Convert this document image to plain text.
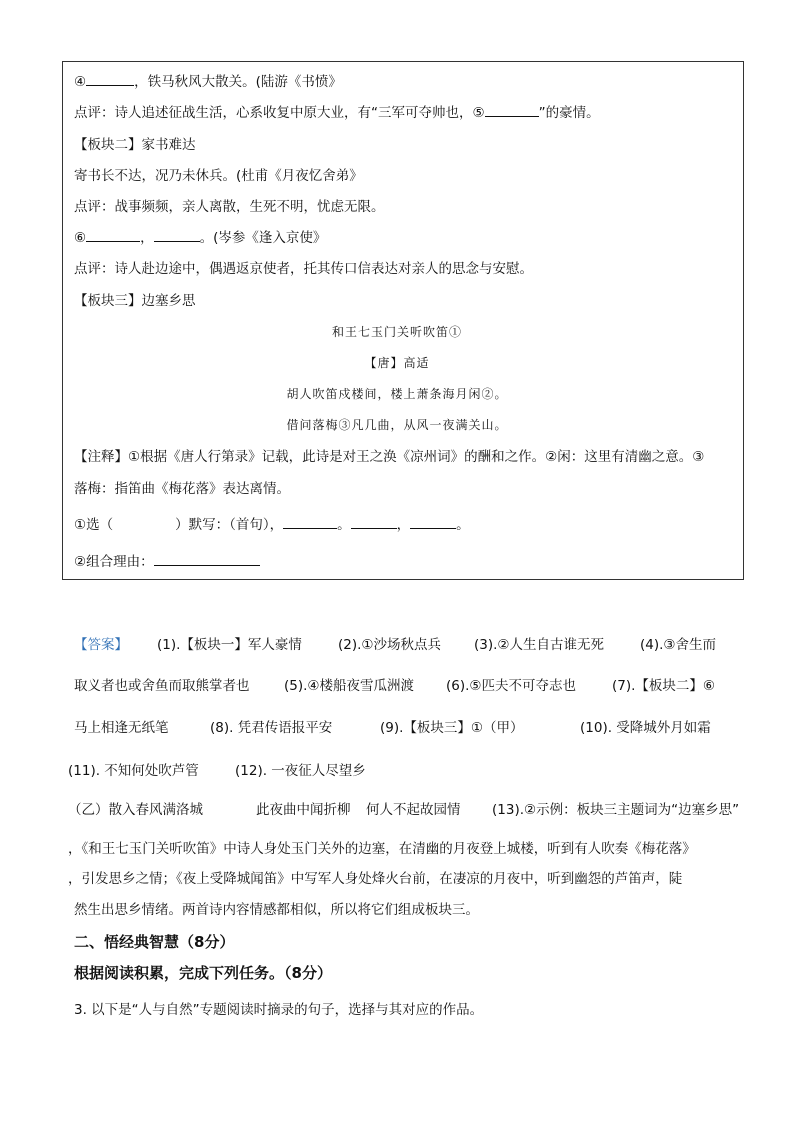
④	，铁马秋风大散关。(陆游《书愤》
点评：诗人追述征战生活，心系收复中原大业，有“三军可夺帅也，⑤	”的豪情。
【板块二】家书难达
寄书长不达，况乃未休兵。(杜甫《月夜忆舍弟》
点评：战事频频，亲人离散，生死不明，忧虑无限。
⑥	，	。(岑参《逢入京使》
点评：诗人赴边途中，偶遇返京使者，托其传口信表达对亲人的思念与安慰。
【板块三】边塞乡思
和王七玉门关听吹笛①
【唐】高适
胡人吹笛戍楼间，楼上萧条海月闲②。
借问落梅③凡几曲，从风一夜满关山。
【注释】①根据《唐人行第录》记载，此诗是对王之涣《凉州词》的酬和之作。②闲：这里有清幽之意。③
落梅：指笛曲《梅花落》表达离情。
①选（	）默写：（首句），	。	，	。
②组合理由：
【答案】 (1).【板块一】军人豪情	(2).①沙场秋点兵 (3).②人生自古谁无死	(4).③舍生而
取义者也或舍鱼而取熊掌者也	(5).④楼船夜雪瓜洲渡 (6).⑤匹夫不可夺志也	(7).【板块二】⑥
马上相逢无纸笔	(8). 凭君传语报平安	(9).【板块三】①（甲）	(10). 受降城外月如霜
(11). 不知何处吹芦管	(12). 一夜征人尽望乡
（乙）散入春风满洛城	此夜曲中闻折柳 何人不起故园情 (13).②示例：板块三主题词为“边塞乡思”
，《和王七玉门关听吹笛》中诗人身处玉门关外的边塞，在清幽的月夜登上城楼，听到有人吹奏《梅花落》
，引发思乡之情；《夜上受降城闻笛》中写军人身处烽火台前，在凄凉的月夜中，听到幽怨的芦笛声，陡
然生出思乡情绪。两首诗内容情感都相似，所以将它们组成板块三。
二、悟经典智慧（8分）
根据阅读积累，完成下列任务。（8分）
3. 以下是“人与自然”专题阅读时摘录的句子，选择与其对应的作品。
